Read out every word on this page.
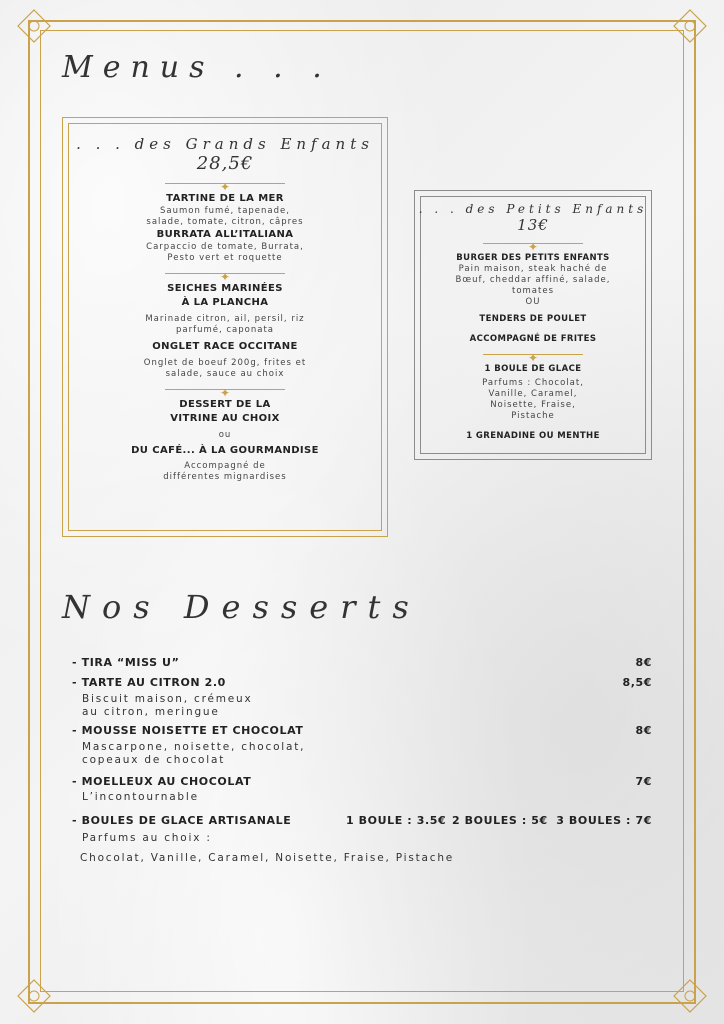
Menus . . .
. . . des Grands Enfants
28,5€
✦
TARTINE DE LA MER
Saumon fumé, tapenade,
salade, tomate, citron, câpres
BURRATA ALL’ITALIANA
Carpaccio de tomate, Burrata,
Pesto vert et roquette
✦
SEICHES MARINÉES
À LA PLANCHA
Marinade citron, ail, persil, riz
parfumé, caponata
ONGLET RACE OCCITANE
Onglet de boeuf 200g, frites et
salade, sauce au choix
✦
DESSERT DE LA
VITRINE AU CHOIX
ou
DU CAFÉ... À LA GOURMANDISE
Accompagné de
différentes mignardises
. . . des Petits Enfants
13€
✦
BURGER DES PETITS ENFANTS
Pain maison, steak haché de
Bœuf, cheddar affiné, salade,
tomates
OU
TENDERS DE POULET
ACCOMPAGNÉ DE FRITES
✦
1 BOULE DE GLACE
Parfums : Chocolat,
Vanille, Caramel,
Noisette, Fraise,
Pistache
1 GRENADINE OU MENTHE
Nos Desserts
- TIRA “MISS U”	8€
- TARTE AU CITRON 2.0	8,5€
Biscuit maison, crémeux
au citron, meringue
- MOUSSE NOISETTE ET CHOCOLAT	8€
Mascarpone, noisette, chocolat,
copeaux de chocolat
- MOELLEUX AU CHOCOLAT	7€
L’incontournable
- BOULES DE GLACE ARTISANALE	1 BOULE : 3.5€ 2 BOULES : 5€ 3 BOULES : 7€
Parfums au choix :
Chocolat, Vanille, Caramel, Noisette, Fraise, Pistache
